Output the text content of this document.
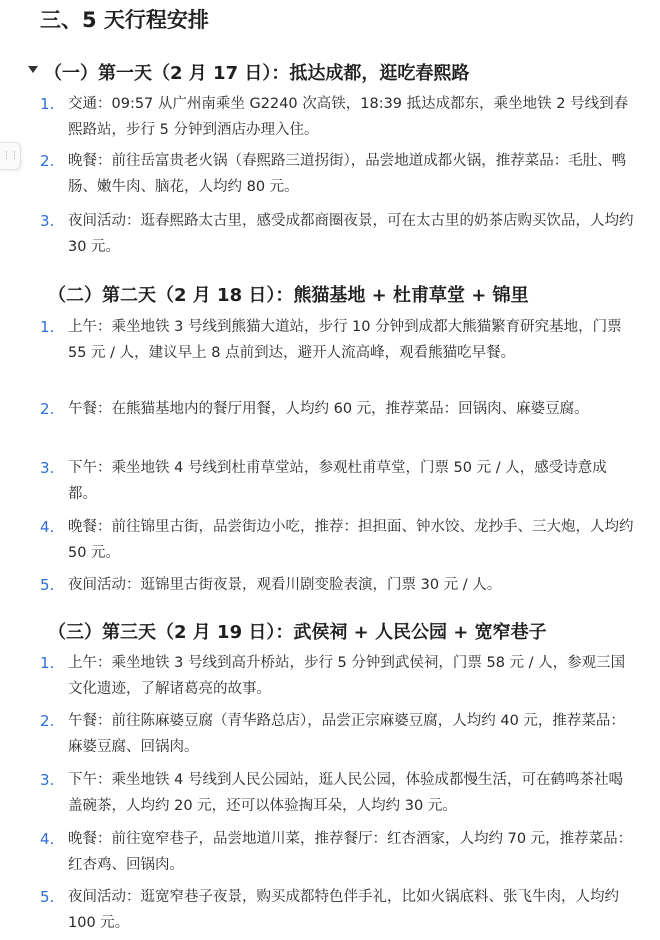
⋮⋮
三、5 天行程安排
（一）第一天（2 月 17 日）：抵达成都，逛吃春熙路
1. 交通：09:57 从广州南乘坐 G2240 次高铁，18:39 抵达成都东，乘坐地铁 2 号线到春熙路站，步行 5 分钟到酒店办理入住。
2. 晚餐：前往岳富贵老火锅（春熙路三道拐街），品尝地道成都火锅，推荐菜品：毛肚、鸭肠、嫩牛肉、脑花，人均约 80 元。
3. 夜间活动：逛春熙路太古里，感受成都商圈夜景，可在太古里的奶茶店购买饮品，人均约 30 元。
（二）第二天（2 月 18 日）：熊猫基地 + 杜甫草堂 + 锦里
1. 上午：乘坐地铁 3 号线到熊猫大道站，步行 10 分钟到成都大熊猫繁育研究基地，门票 55 元 / 人，建议早上 8 点前到达，避开人流高峰，观看熊猫吃早餐。
2. 午餐：在熊猫基地内的餐厅用餐，人均约 60 元，推荐菜品：回锅肉、麻婆豆腐。
3. 下午：乘坐地铁 4 号线到杜甫草堂站，参观杜甫草堂，门票 50 元 / 人，感受诗意成都。
4. 晚餐：前往锦里古街，品尝街边小吃，推荐：担担面、钟水饺、龙抄手、三大炮，人均约 50 元。
5. 夜间活动：逛锦里古街夜景，观看川剧变脸表演，门票 30 元 / 人。
（三）第三天（2 月 19 日）：武侯祠 + 人民公园 + 宽窄巷子
1. 上午：乘坐地铁 3 号线到高升桥站，步行 5 分钟到武侯祠，门票 58 元 / 人，参观三国文化遗迹，了解诸葛亮的故事。
2. 午餐：前往陈麻婆豆腐（青华路总店），品尝正宗麻婆豆腐，人均约 40 元，推荐菜品：麻婆豆腐、回锅肉。
3. 下午：乘坐地铁 4 号线到人民公园站，逛人民公园，体验成都慢生活，可在鹤鸣茶社喝盖碗茶，人均约 20 元，还可以体验掏耳朵，人均约 30 元。
4. 晚餐：前往宽窄巷子，品尝地道川菜，推荐餐厅：红杏酒家，人均约 70 元，推荐菜品：红杏鸡、回锅肉。
5. 夜间活动：逛宽窄巷子夜景，购买成都特色伴手礼，比如火锅底料、张飞牛肉，人均约 100 元。
